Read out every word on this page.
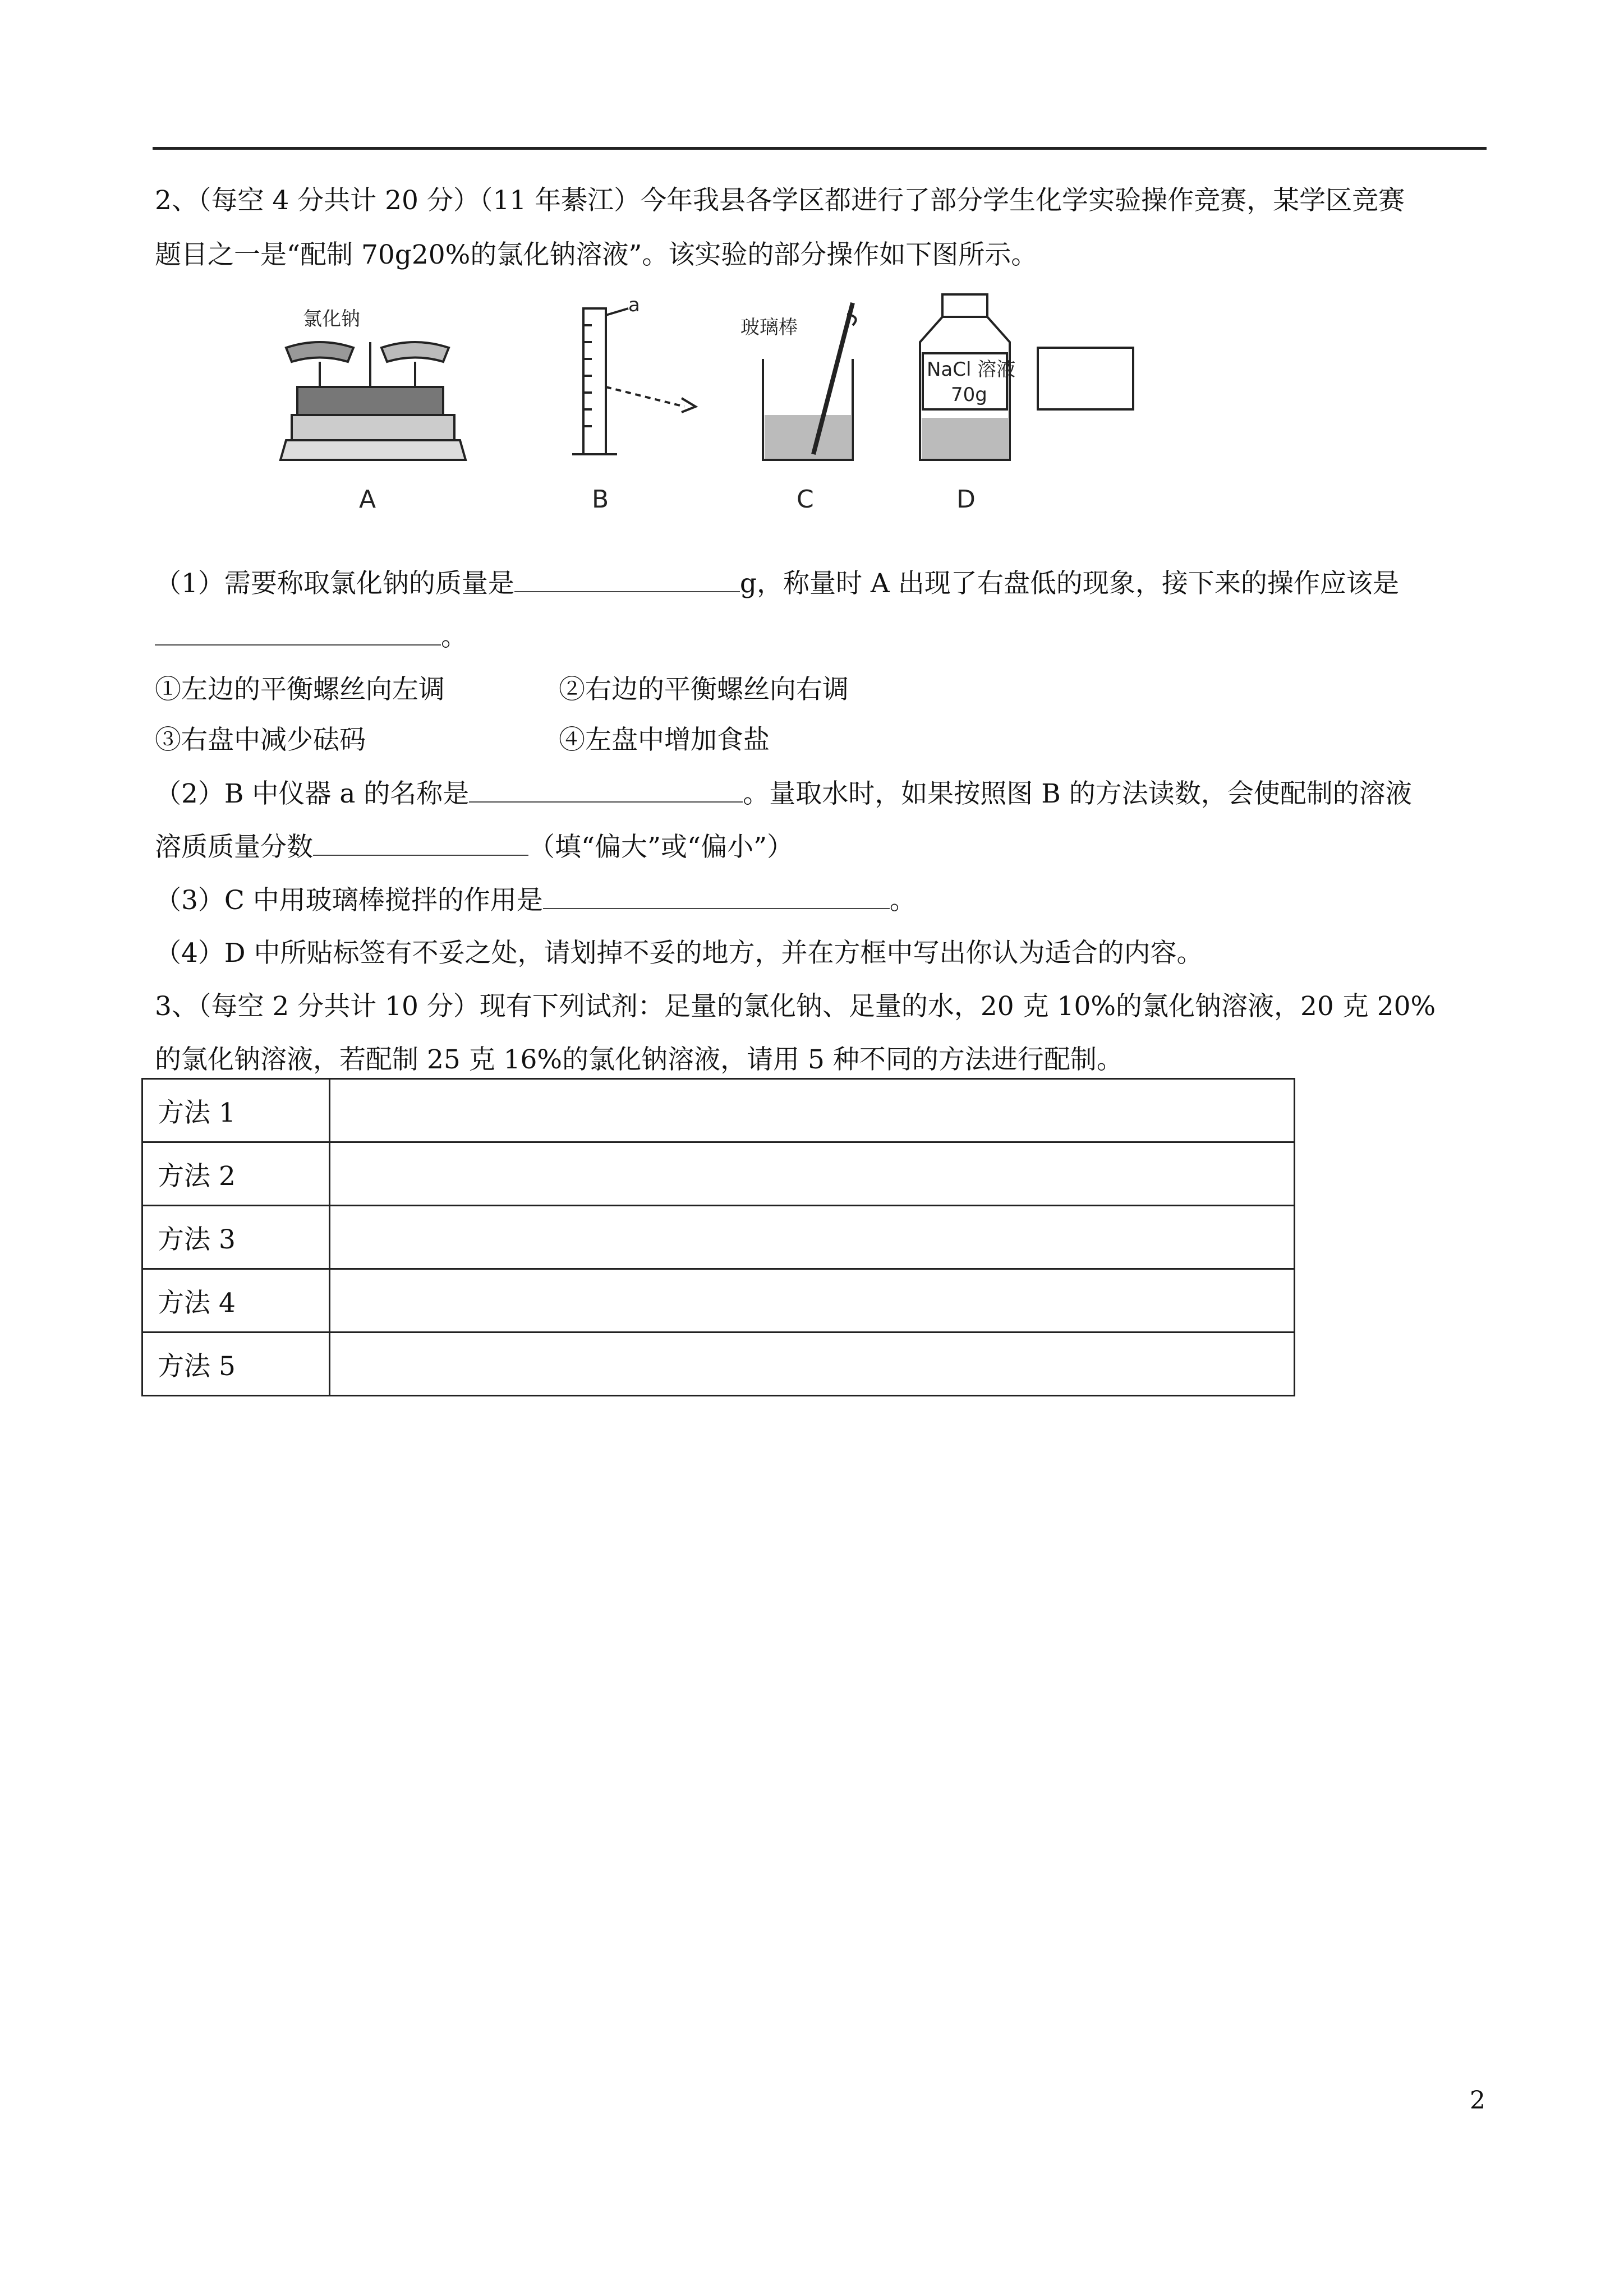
2、（每空 4 分共计 20 分）（11 年綦江）今年我县各学区都进行了部分学生化学实验操作竞赛，某学区竞赛
题目之一是“配制 70g20%的氯化钠溶液”。该实验的部分操作如下图所示。
氯化钠
A
a
B
玻璃棒
C
NaCl 溶液
70g
D
（1）需要称取氯化钠的质量是	g，称量时 A 出现了右盘低的现象，接下来的操作应该是
。
①左边的平衡螺丝向左调	②右边的平衡螺丝向右调
③右盘中减少砝码	④左盘中增加食盐
（2）B 中仪器 a 的名称是	。量取水时，如果按照图 B 的方法读数，会使配制的溶液
溶质质量分数	（填“偏大”或“偏小”）
（3）C 中用玻璃棒搅拌的作用是	。
（4）D 中所贴标签有不妥之处，请划掉不妥的地方，并在方框中写出你认为适合的内容。
3、（每空 2 分共计 10 分）现有下列试剂：足量的氯化钠、足量的水，20 克 10%的氯化钠溶液，20 克 20%
的氯化钠溶液，若配制 25 克 16%的氯化钠溶液，请用 5 种不同的方法进行配制。
方法 1	
方法 2	
方法 3	
方法 4	
方法 5	
2
